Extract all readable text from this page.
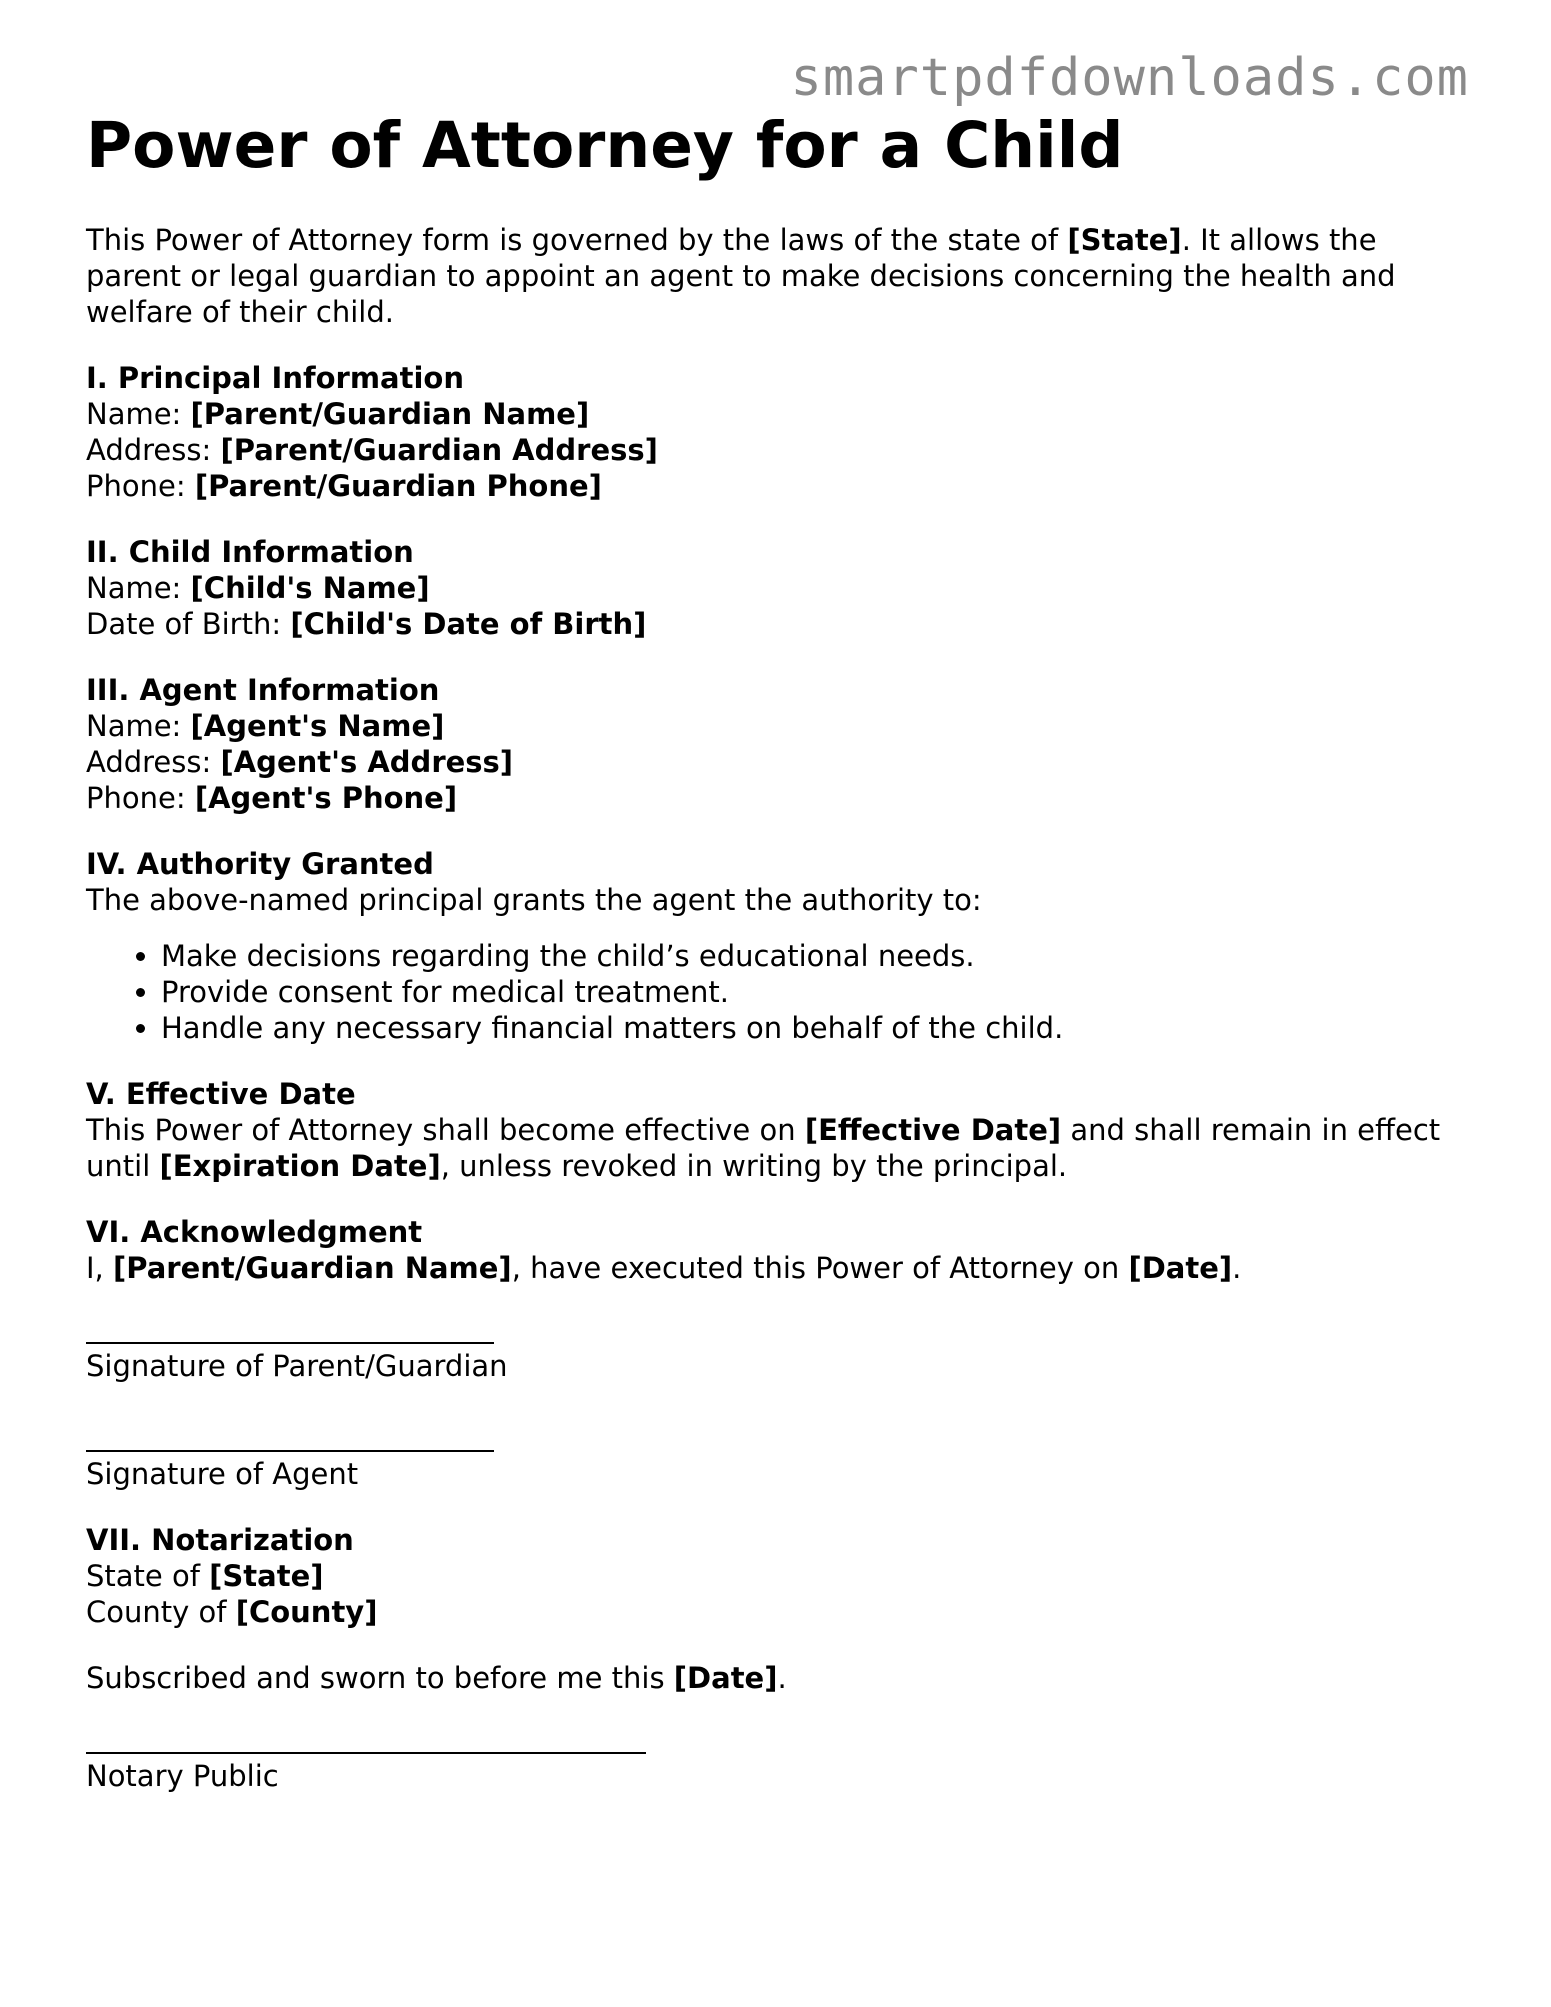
smartpdfdownloads.com
Power of Attorney for a Child

This Power of Attorney form is governed by the laws of the state of [State]. It allows the parent or legal guardian to appoint an agent to make decisions concerning the health and welfare of their child.

I. Principal Information
Name: [Parent/Guardian Name]
Address: [Parent/Guardian Address]
Phone: [Parent/Guardian Phone]
II. Child Information
Name: [Child's Name]
Date of Birth: [Child's Date of Birth]
III. Agent Information
Name: [Agent's Name]
Address: [Agent's Address]
Phone: [Agent's Phone]
IV. Authority Granted
The above-named principal grants the agent the authority to:
• Make decisions regarding the child’s educational needs.
• Provide consent for medical treatment.
• Handle any necessary financial matters on behalf of the child.
V. Effective Date

This Power of Attorney shall become effective on [Effective Date] and shall remain in effect until [Expiration Date], unless revoked in writing by the principal.

VI. Acknowledgment

I, [Parent/Guardian Name], have executed this Power of Attorney on [Date].

Signature of Parent/Guardian
Signature of Agent
VII. Notarization
State of [State]
County of [County]

Subscribed and sworn to before me this [Date].

Notary Public
